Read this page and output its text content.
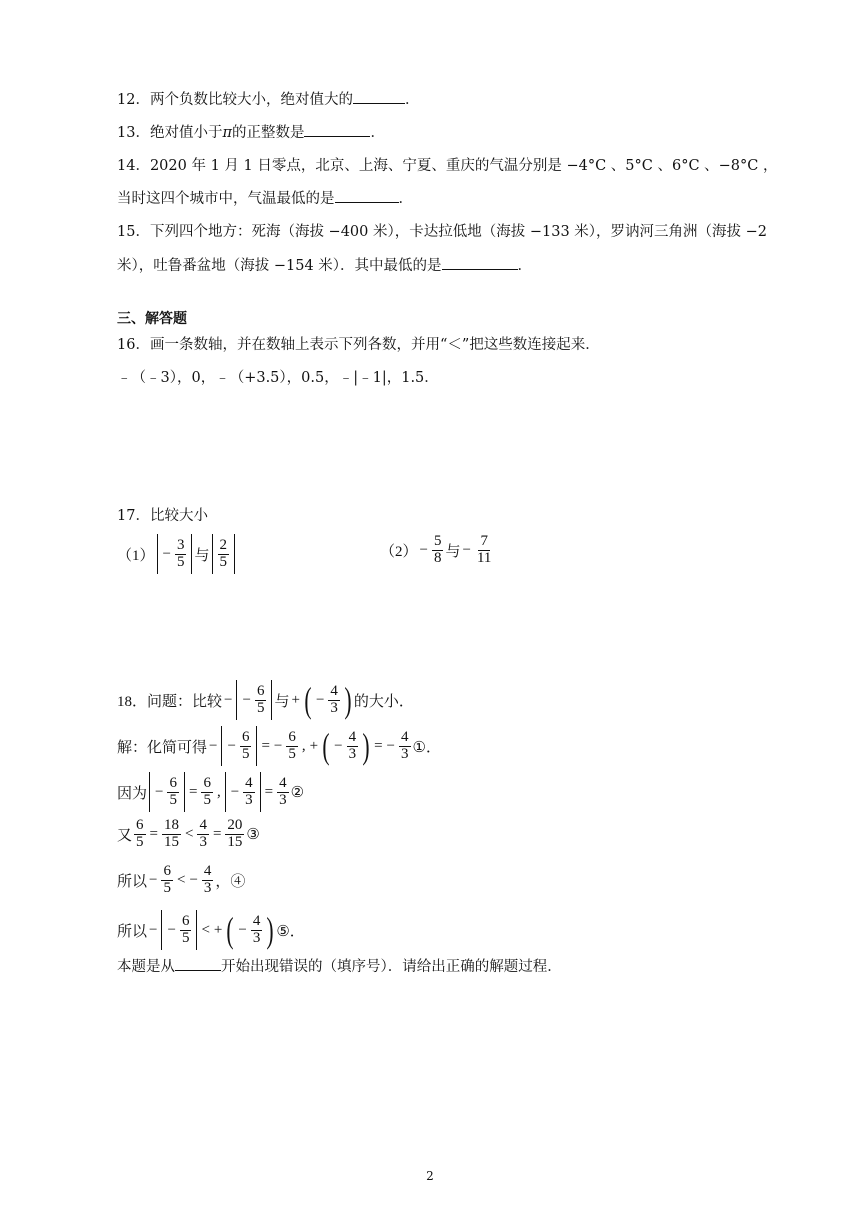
12．两个负数比较大小，绝对值大的	．
13．绝对值小于π的正整数是	．
14．2020 年 1 月 1 日零点，北京、上海、宁夏、重庆的气温分别是 −4°C 、5°C 、6°C 、−8°C ，
当时这四个城市中，气温最低的是	．
15．下列四个地方：死海（海拔 −400 米），卡达拉低地（海拔 −133 米），罗讷河三角洲（海拔 −2
米），吐鲁番盆地（海拔 −154 米）．其中最低的是	．
三、解答题
16．画一条数轴，并在数轴上表示下列各数，并用“＜”把这些数连接起来．
﹣（﹣3），0，﹣（+3.5），0.5，﹣|﹣1|，1.5．
17．比较大小
$(1) - \frac{3}{5}$ 与 $\frac{2}{5}$	$(2) - \frac{5}{8}$ 与 − $\frac{7}{11}$
18．问题：比较 − − $\frac{6}{5}$ 与 + ( − $\frac{4}{3}$ ) 的大小．
解：化简可得 − − $\frac{6}{5}$ = − $\frac{6}{5}$ , + ( − $\frac{4}{3}$ ) = − $\frac{4}{3}$ ①．
因为 − $\frac{6}{5} = \frac{6}{5}$ , − $\frac{4}{3} = \frac{4}{3}$ ②
又 $\frac{6}{5} = \frac{18}{15} < \frac{4}{3} = \frac{20}{15}$ ③
所以 − $\frac{6}{5}$ < − $\frac{4}{3}$ ，④
所以 − − $\frac{6}{5}$ < + ( − $\frac{4}{3}$ ) ⑤．
本题是从	开始出现错误的（填序号）．请给出正确的解题过程．
2
